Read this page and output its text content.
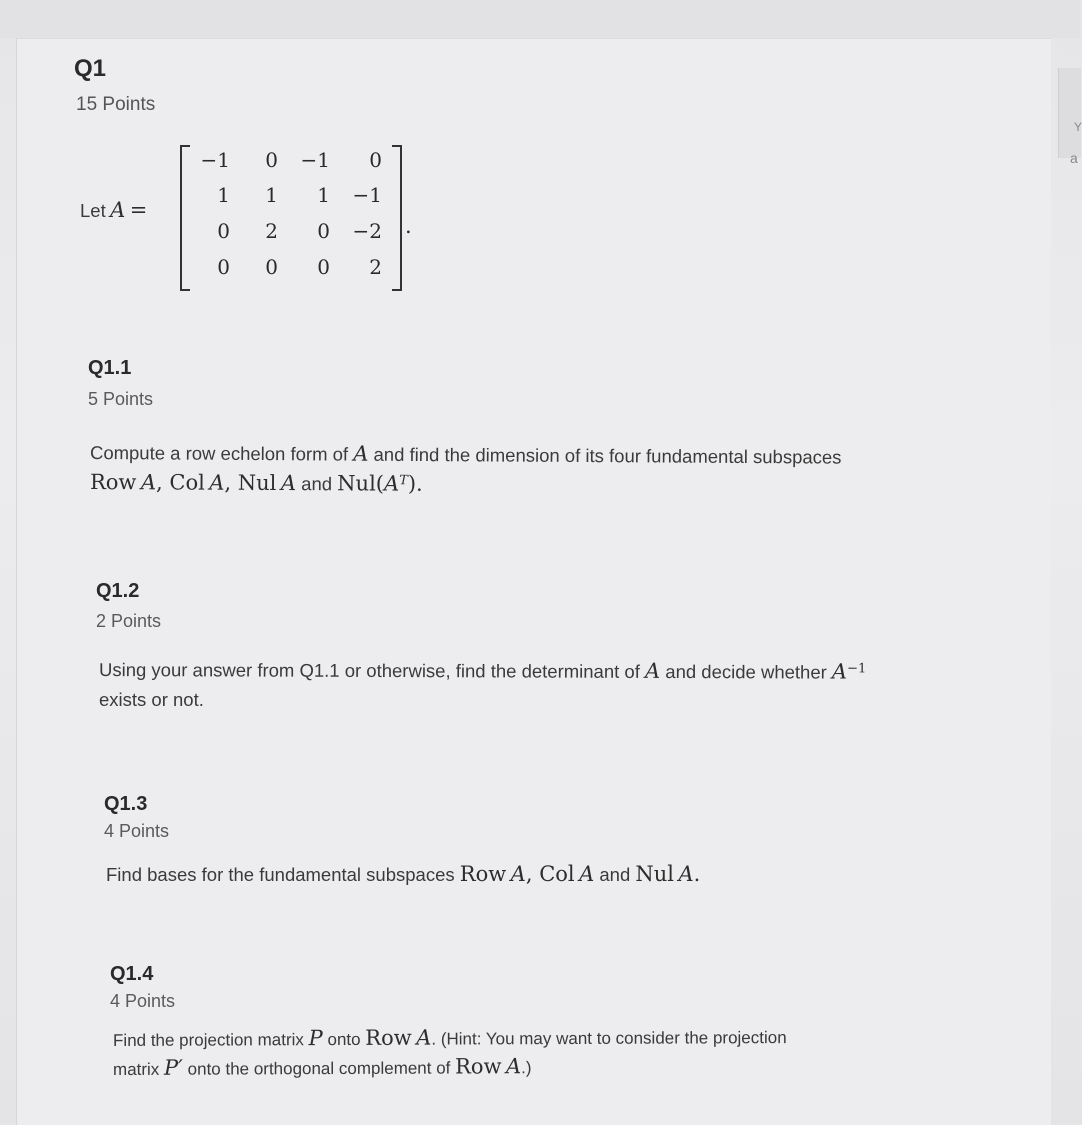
Y
a
Q1
15 Points
Let A =
−1	0	−1	0
1	1	1	−1
0	2	0	−2
0	0	0	2
.
Q1.1
5 Points
Compute a row echelon form of A and find the dimension of its four fundamental subspaces
Row A, Col A, Nul A and $Nul(A^T)$.
Q1.2
2 Points
Using your answer from Q1.1 or otherwise, find the determinant of A and decide whether $A^{-1}$
exists or not.
Q1.3
4 Points
Find bases for the fundamental subspaces Row A, Col A and Nul A.
Q1.4
4 Points
Find the projection matrix P onto Row A. (Hint: You may want to consider the projection
matrix P′ onto the orthogonal complement of Row A.)
